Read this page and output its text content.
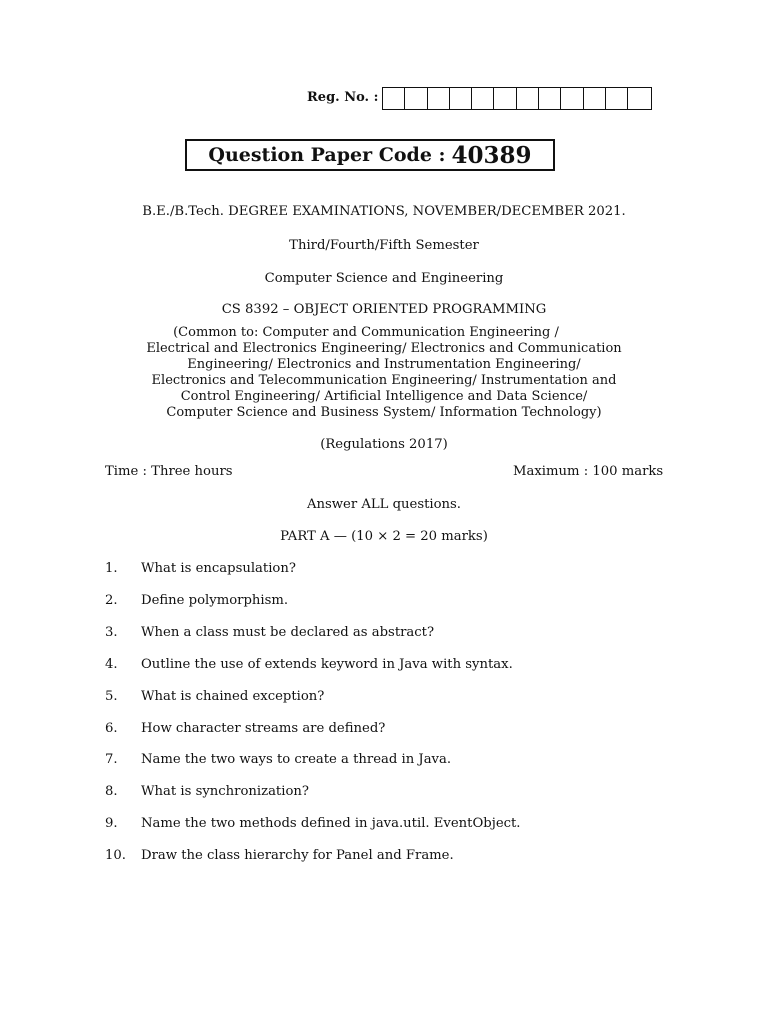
Reg. No. :
Question Paper Code : 40389
B.E./B.Tech. DEGREE EXAMINATIONS, NOVEMBER/DECEMBER 2021.
Third/Fourth/Fifth Semester
Computer Science and Engineering
CS 8392 – OBJECT ORIENTED PROGRAMMING
(Common to: Computer and Communication Engineering /
Electrical and Electronics Engineering/ Electronics and Communication
Engineering/ Electronics and Instrumentation Engineering/
Electronics and Telecommunication Engineering/ Instrumentation and
Control Engineering/ Artificial Intelligence and Data Science/
Computer Science and Business System/ Information Technology)
(Regulations 2017)
Time : Three hours	Maximum : 100 marks
Answer ALL questions.
PART A — (10 × 2 = 20 marks)
1. What is encapsulation?
2. Define polymorphism.
3. When a class must be declared as abstract?
4. Outline the use of extends keyword in Java with syntax.
5. What is chained exception?
6. How character streams are defined?
7. Name the two ways to create a thread in Java.
8. What is synchronization?
9. Name the two methods defined in java.util. EventObject.
10. Draw the class hierarchy for Panel and Frame.
